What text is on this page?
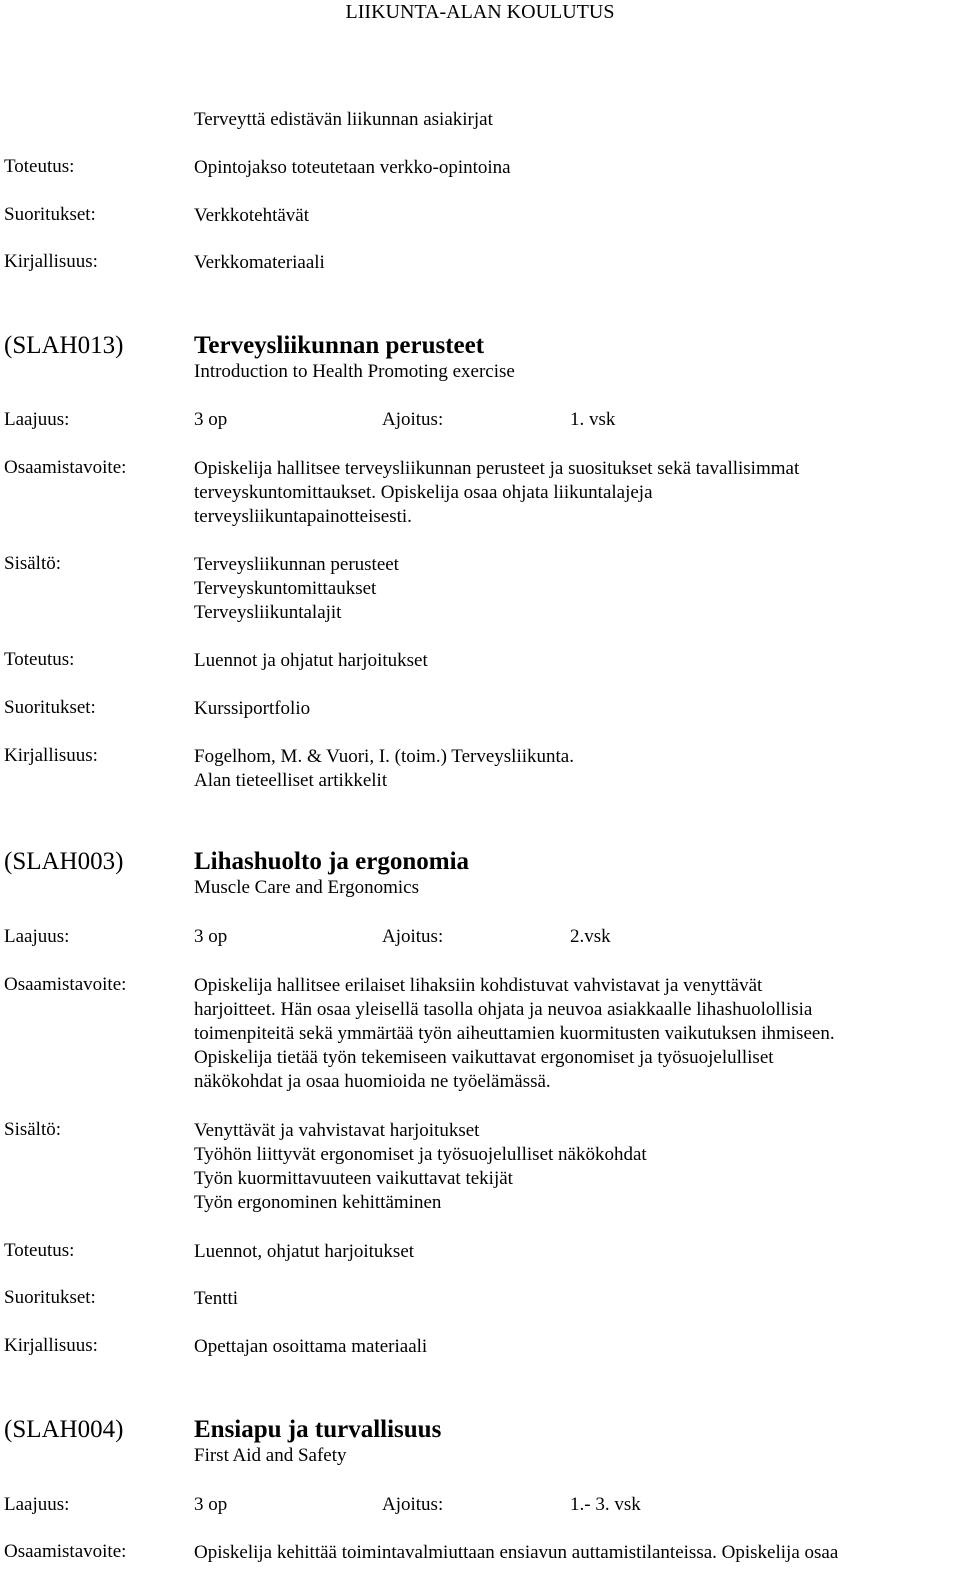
LIIKUNTA-ALAN KOULUTUS
Terveyttä edistävän liikunnan asiakirjat
Toteutus:	Opintojakso toteutetaan verkko-opintoina
Suoritukset:	Verkkotehtävät
Kirjallisuus:	Verkkomateriaali
(SLAH013)	Terveysliikunnan perusteet
Introduction to Health Promoting exercise
Laajuus:	3 op	Ajoitus:	1. vsk
Osaamistavoite:	Opiskelija hallitsee terveysliikunnan perusteet ja suositukset sekä tavallisimmat
terveyskuntomittaukset. Opiskelija osaa ohjata liikuntalajeja
terveysliikuntapainotteisesti.
Sisältö:	Terveysliikunnan perusteet
Terveyskuntomittaukset
Terveysliikuntalajit
Toteutus:	Luennot ja ohjatut harjoitukset
Suoritukset:	Kurssiportfolio
Kirjallisuus:	Fogelhom, M. & Vuori, I. (toim.) Terveysliikunta.
Alan tieteelliset artikkelit
(SLAH003)	Lihashuolto ja ergonomia
Muscle Care and Ergonomics
Laajuus:	3 op	Ajoitus:	2.vsk
Osaamistavoite:	Opiskelija hallitsee erilaiset lihaksiin kohdistuvat vahvistavat ja venyttävät
harjoitteet. Hän osaa yleisellä tasolla ohjata ja neuvoa asiakkaalle lihashuolollisia
toimenpiteitä sekä ymmärtää työn aiheuttamien kuormitusten vaikutuksen ihmiseen.
Opiskelija tietää työn tekemiseen vaikuttavat ergonomiset ja työsuojelulliset
näkökohdat ja osaa huomioida ne työelämässä.
Sisältö:	Venyttävät ja vahvistavat harjoitukset
Työhön liittyvät ergonomiset ja työsuojelulliset näkökohdat
Työn kuormittavuuteen vaikuttavat tekijät
Työn ergonominen kehittäminen
Toteutus:	Luennot, ohjatut harjoitukset
Suoritukset:	Tentti
Kirjallisuus:	Opettajan osoittama materiaali
(SLAH004)	Ensiapu ja turvallisuus
First Aid and Safety
Laajuus:	3 op	Ajoitus:	1.- 3. vsk
Osaamistavoite:	Opiskelija kehittää toimintavalmiuttaan ensiavun auttamistilanteissa. Opiskelija osaa
